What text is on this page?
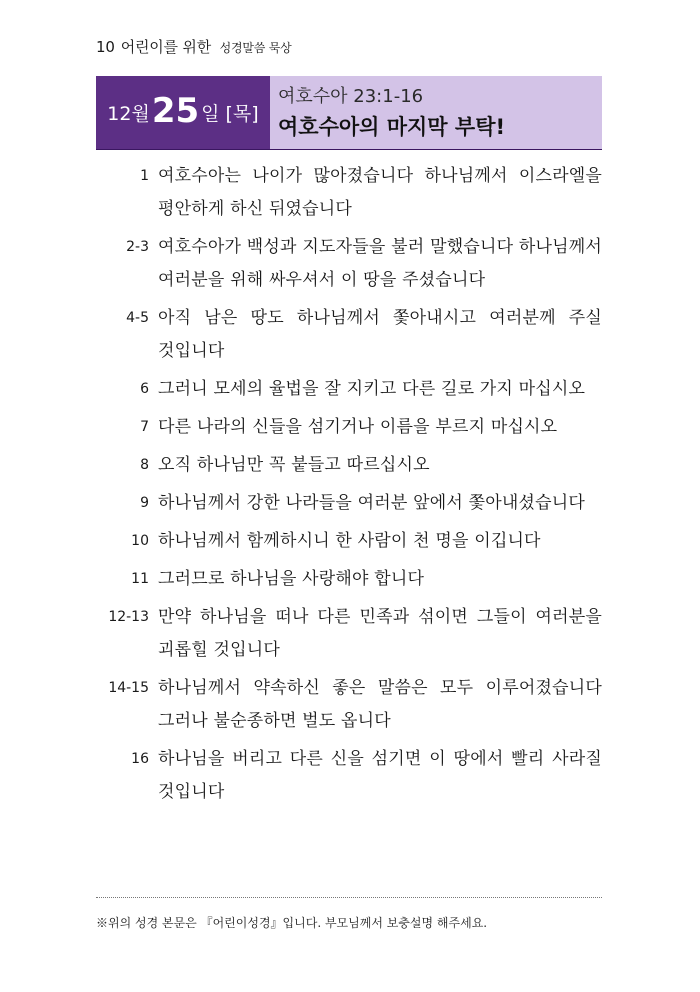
10 어린이를 위한 성경말씀 묵상
12월 25 일 [목]
여호수아 23:1-16
여호수아의 마지막 부탁!
1 여호수아는 나이가 많아졌습니다 하나님께서 이스라엘을 평안하게 하신 뒤였습니다
2-3 여호수아가 백성과 지도자들을 불러 말했습니다 하나님께서 여러분을 위해 싸우셔서 이 땅을 주셨습니다
4-5 아직 남은 땅도 하나님께서 쫓아내시고 여러분께 주실 것입니다
6 그러니 모세의 율법을 잘 지키고 다른 길로 가지 마십시오
7 다른 나라의 신들을 섬기거나 이름을 부르지 마십시오
8 오직 하나님만 꼭 붙들고 따르십시오
9 하나님께서 강한 나라들을 여러분 앞에서 쫓아내셨습니다
10 하나님께서 함께하시니 한 사람이 천 명을 이깁니다
11 그러므로 하나님을 사랑해야 합니다
12-13 만약 하나님을 떠나 다른 민족과 섞이면 그들이 여러분을 괴롭힐 것입니다
14-15 하나님께서 약속하신 좋은 말씀은 모두 이루어졌습니다 그러나 불순종하면 벌도 옵니다
16 하나님을 버리고 다른 신을 섬기면 이 땅에서 빨리 사라질 것입니다
※위의 성경 본문은 『어린이성경』입니다. 부모님께서 보충설명 해주세요.
